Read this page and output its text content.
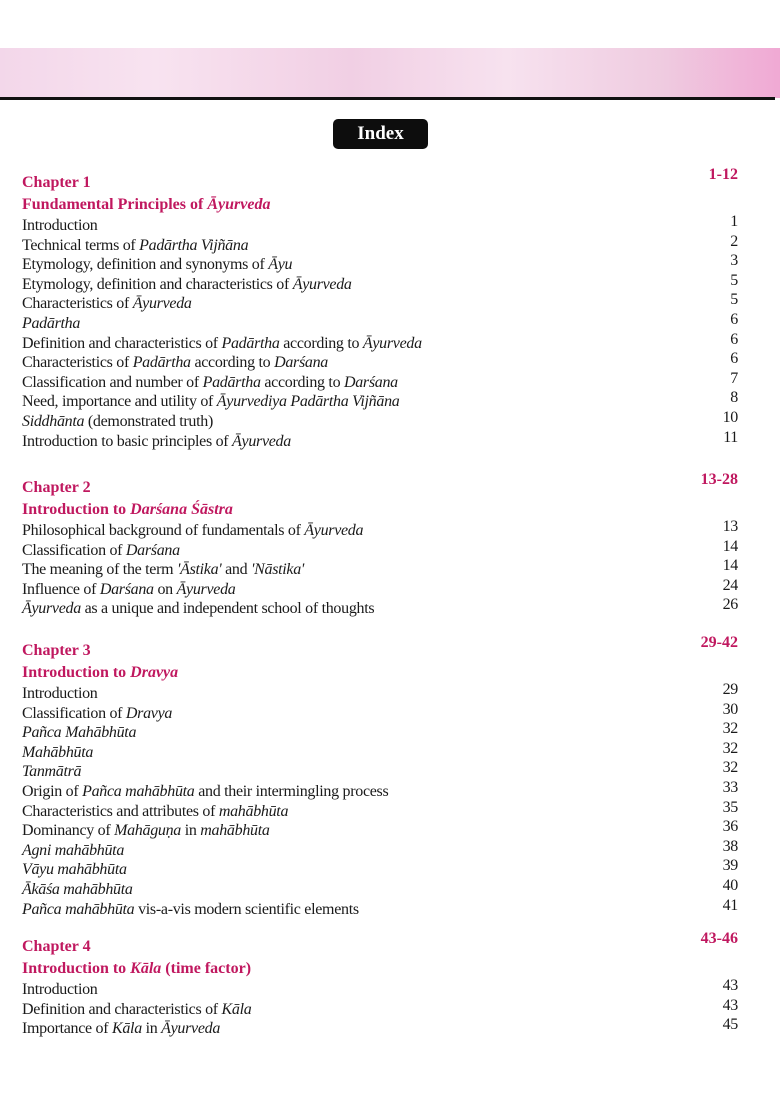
Index
Chapter 1	1-12
Fundamental Principles of Āyurveda
Introduction	1
Technical terms of Padārtha Vijñāna	2
Etymology, definition and synonyms of Āyu	3
Etymology, definition and characteristics of Āyurveda	5
Characteristics of Āyurveda	5
Padārtha	6
Definition and characteristics of Padārtha according to Āyurveda	6
Characteristics of Padārtha according to Darśana	6
Classification and number of Padārtha according to Darśana	7
Need, importance and utility of Āyurvediya Padārtha Vijñāna	8
Siddhānta (demonstrated truth)	10
Introduction to basic principles of Āyurveda	11
Chapter 2	13-28
Introduction to Darśana Śāstra
Philosophical background of fundamentals of Āyurveda	13
Classification of Darśana	14
The meaning of the term 'Āstika' and 'Nāstika'	14
Influence of Darśana on Āyurveda	24
Āyurveda as a unique and independent school of thoughts	26
Chapter 3	29-42
Introduction to Dravya
Introduction	29
Classification of Dravya	30
Pañca Mahābhūta	32
Mahābhūta	32
Tanmātrā	32
Origin of Pañca mahābhūta and their intermingling process	33
Characteristics and attributes of mahābhūta	35
Dominancy of Mahāguṇa in mahābhūta	36
Agni mahābhūta	38
Vāyu mahābhūta	39
Ākāśa mahābhūta	40
Pañca mahābhūta vis-a-vis modern scientific elements	41
Chapter 4	43-46
Introduction to Kāla (time factor)
Introduction	43
Definition and characteristics of Kāla	43
Importance of Kāla in Āyurveda	45
